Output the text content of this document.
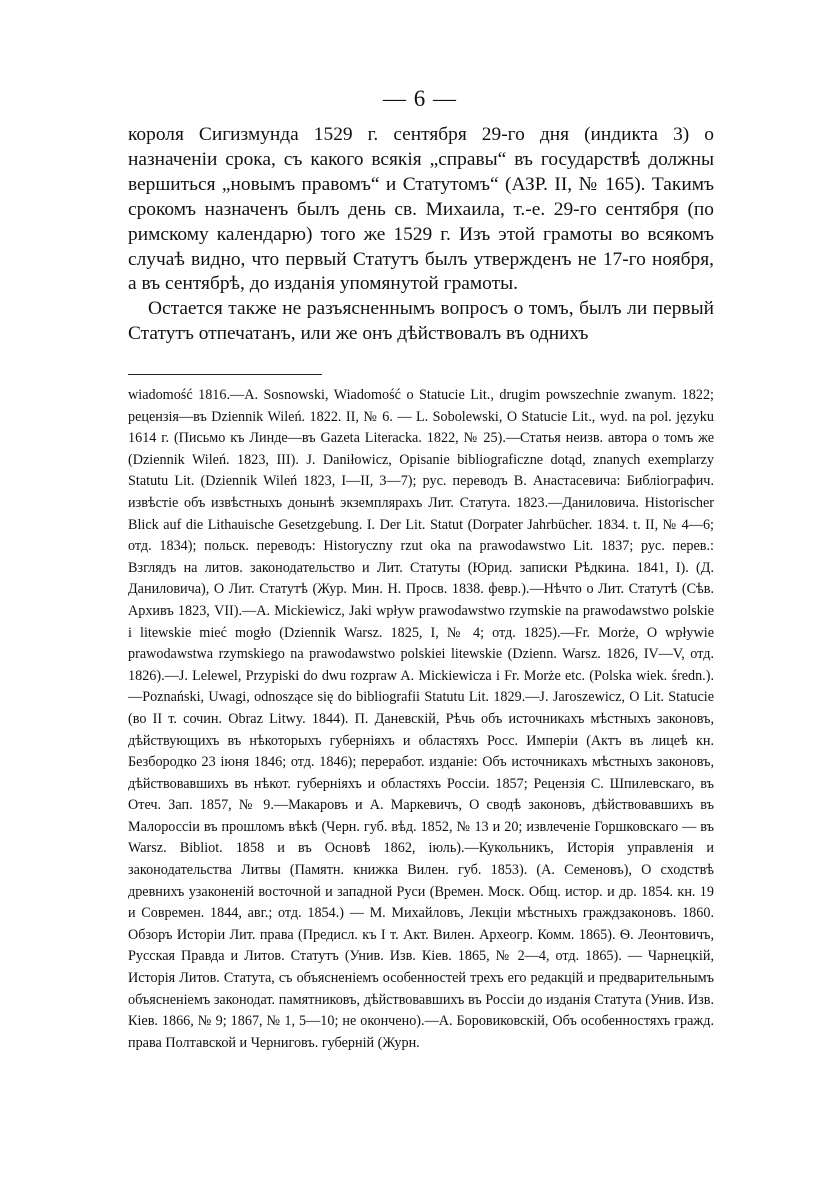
— 6 —

короля Сигизмунда 1529 г. сентября 29-го дня (индикта 3) о назначеніи срока, съ какого всякія „справы“ въ государствѣ должны вершиться „новымъ правомъ“ и Статутомъ“ (АЗР. II, № 165). Такимъ срокомъ назначенъ былъ день св. Михаила, т.-е. 29-го сентября (по римскому календарю) того же 1529 г. Изъ этой грамоты во всякомъ случаѣ видно, что первый Статутъ былъ утвержденъ не 17-го ноября, а въ сентябрѣ, до изданія упомянутой грамоты.

Остается также не разъясненнымъ вопросъ о томъ, былъ ли первый Статутъ отпечатанъ, или же онъ дѣйствовалъ въ однихъ

wiadomość 1816.—A. Sosnowski, Wiadomość o Statucie Lit., drugim powszechnie zwanym. 1822; рецензія—въ Dziennik Wileń. 1822. II, № 6. — L. Sobolewski, O Statucie Lit., wyd. na pol. języku 1614 г. (Письмо къ Линде—въ Gazeta Literacka. 1822, № 25).—Статья неизв. автора о томъ же (Dziennik Wileń. 1823, III). J. Daniłowicz, Opisanie bibliograficzne dotąd, znanych exemplarzy Statutu Lit. (Dziennik Wileń 1823, I—II, 3—7); рус. переводъ В. Анастасевича: Библіографич. извѣстіе объ извѣстныхъ донынѣ экземплярахъ Лит. Статута. 1823.—Даниловича. Historischer Blick auf die Lithauische Gesetzgebung. I. Der Lit. Statut (Dorpater Jahrbücher. 1834. t. II, № 4—6; отд. 1834); польск. переводъ: Historyczny rzut oka na prawodawstwo Lit. 1837; рус. перев.: Взглядъ на литов. законодательство и Лит. Статуты (Юрид. записки Рѣдкина. 1841, I). (Д. Даниловича), О Лит. Статутѣ (Жур. Мин. Н. Просв. 1838. февр.).—Нѣчто о Лит. Статутѣ (Сѣв. Архивъ 1823, VII).—A. Mickiewicz, Jaki wpływ prawodawstwo rzymskie na prawodawstwo polskie i litewskie mieć mogło (Dziennik Warsz. 1825, I, № 4; отд. 1825).—Fr. Morże, O wpływie prawodawstwa rzymskiego na prawodawstwo polskiei litewskie (Dzienn. Warsz. 1826, IV—V, отд. 1826).—J. Lelewel, Przypiski do dwu rozpraw A. Mickiewicza i Fr. Morże etc. (Polska wiek. średn.).—Poznański, Uwagi, odnoszące się do bibliografii Statutu Lit. 1829.—J. Jaroszewicz, O Lit. Statucie (во II т. сочин. Obraz Litwy. 1844). П. Даневскій, Рѣчь объ источникахъ мѣстныхъ законовъ, дѣйствующихъ въ нѣкоторыхъ губерніяхъ и областяхъ Росс. Имперіи (Актъ въ лицеѣ кн. Безбородко 23 іюня 1846; отд. 1846); переработ. изданіе: Объ источникахъ мѣстныхъ законовъ, дѣйствовавшихъ въ нѣкот. губерніяхъ и областяхъ Россіи. 1857; Рецензія С. Шпилевскаго, въ Отеч. Зап. 1857, № 9.—Макаровъ и А. Маркевичъ, О сводѣ законовъ, дѣйствовавшихъ въ Малороссіи въ прошломъ вѣкѣ (Черн. губ. вѣд. 1852, № 13 и 20; извлеченіе Горшковскаго — въ Warsz. Bibliot. 1858 и въ Основѣ 1862, іюль).—Кукольникъ, Исторія управленія и законодательства Литвы (Памятн. книжка Вилен. губ. 1853). (А. Семеновъ), О сходствѣ древнихъ узаконеній восточной и западной Руси (Времен. Моск. Общ. истор. и др. 1854. кн. 19 и Современ. 1844, авг.; отд. 1854.) — М. Михайловъ, Лекціи мѣстныхъ граждзаконовъ. 1860. Обзоръ Исторіи Лит. права (Предисл. къ I т. Акт. Вилен. Археогр. Комм. 1865). Ѳ. Леонтовичъ, Русская Правда и Литов. Статутъ (Унив. Изв. Кіев. 1865, № 2—4, отд. 1865). — Чарнецкій, Исторія Литов. Статута, съ объясненіемъ особенностей трехъ его редакцій и предварительнымъ объясненіемъ законодат. памятниковъ, дѣйствовавшихъ въ Россіи до изданія Статута (Унив. Изв. Кіев. 1866, № 9; 1867, № 1, 5—10; не окончено).—А. Боровиковскій, Объ особенностяхъ гражд. права Полтавской и Черниговъ. губерній (Журн.
